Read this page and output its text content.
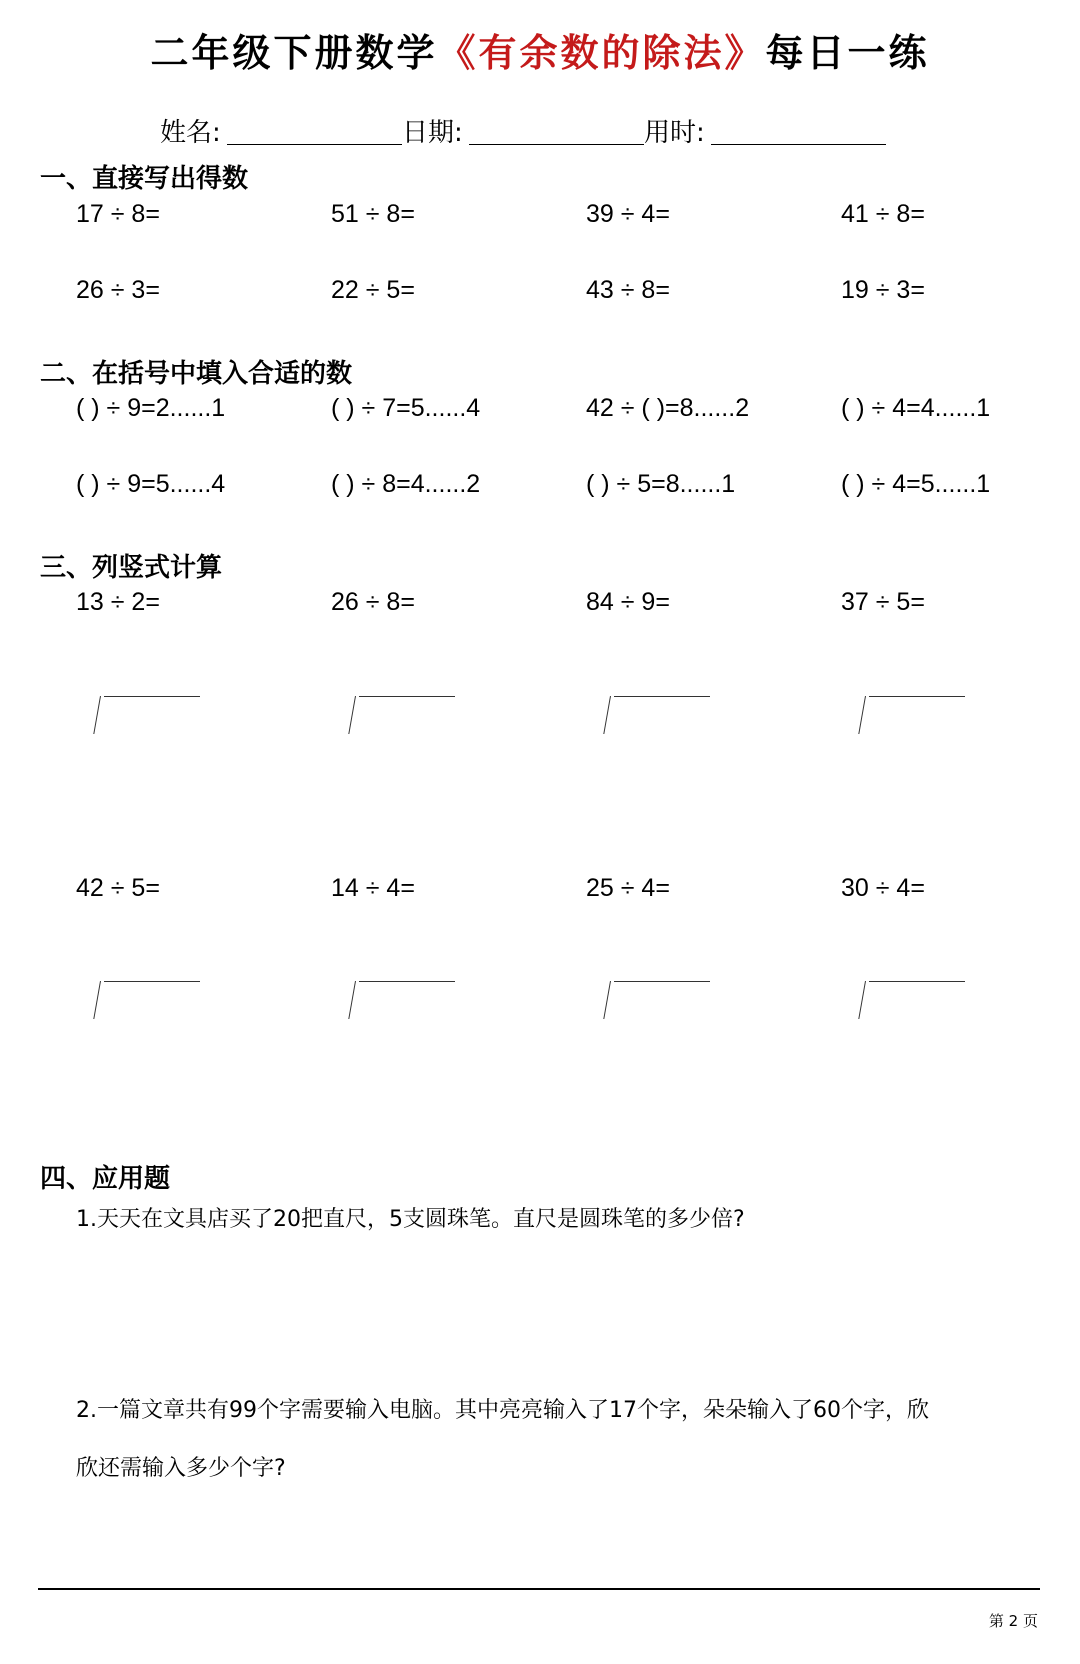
二年级下册数学《有余数的除法》每日一练
姓名:	日期:	用时:
一、直接写出得数
17 ÷ 8=	51 ÷ 8=	39 ÷ 4=	41 ÷ 8=
26 ÷ 3=	22 ÷ 5=	43 ÷ 8=	19 ÷ 3=
二、在括号中填入合适的数
( ) ÷ 9=2......1	( ) ÷ 7=5......4	42 ÷ ( )=8......2	( ) ÷ 4=4......1
( ) ÷ 9=5......4	( ) ÷ 8=4......2	( ) ÷ 5=8......1	( ) ÷ 4=5......1
三、列竖式计算
13 ÷ 2=	26 ÷ 8=	84 ÷ 9=	37 ÷ 5=
42 ÷ 5=	14 ÷ 4=	25 ÷ 4=	30 ÷ 4=
四、应用题
1.天天在文具店买了20把直尺，5支圆珠笔。直尺是圆珠笔的多少倍?
2.一篇文章共有99个字需要输入电脑。其中亮亮输入了17个字，朵朵输入了60个字，欣
欣还需输入多少个字?
第 2 页
